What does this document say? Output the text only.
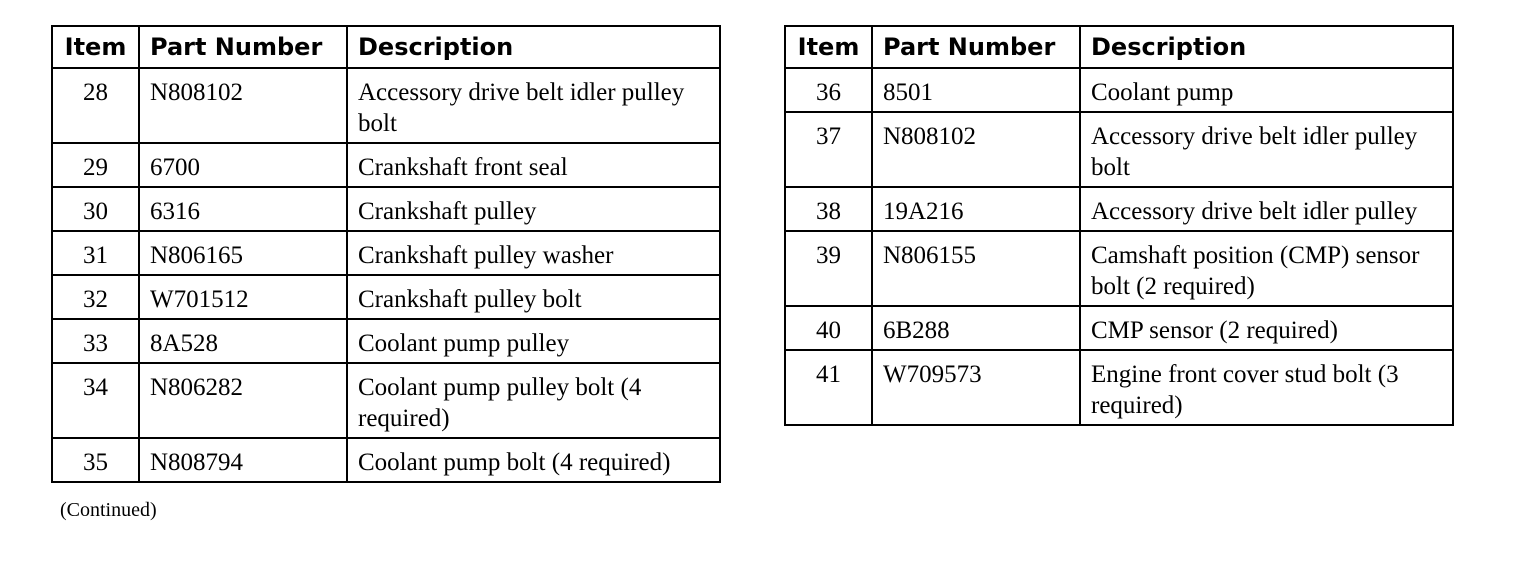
Item	Part Number	Description
28	N808102	Accessory drive belt idler pulley bolt
29	6700	Crankshaft front seal
30	6316	Crankshaft pulley
31	N806165	Crankshaft pulley washer
32	W701512	Crankshaft pulley bolt
33	8A528	Coolant pump pulley
34	N806282	Coolant pump pulley bolt (4 required)
35	N808794	Coolant pump bolt (4 required)
(Continued)
Item	Part Number	Description
36	8501	Coolant pump
37	N808102	Accessory drive belt idler pulley bolt
38	19A216	Accessory drive belt idler pulley
39	N806155	Camshaft position (CMP) sensor bolt (2 required)
40	6B288	CMP sensor (2 required)
41	W709573	Engine front cover stud bolt (3 required)
